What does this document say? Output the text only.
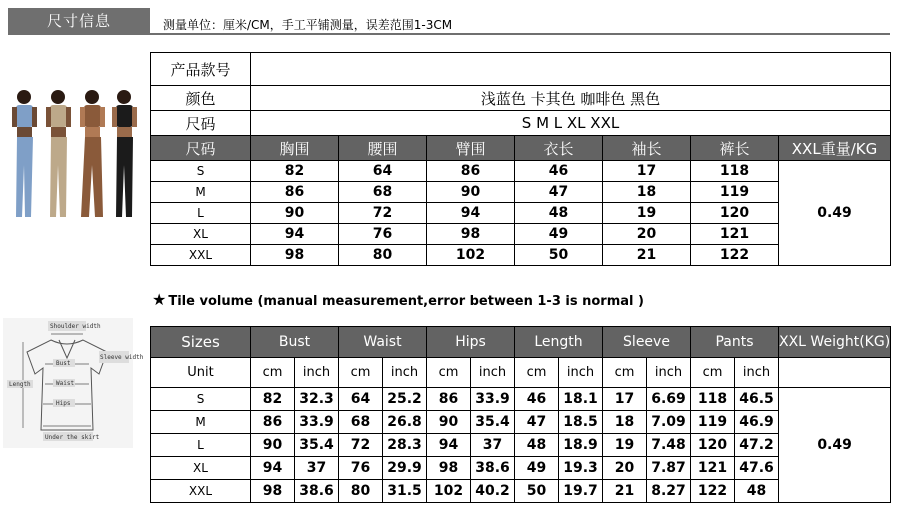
尺寸信息	测量单位：厘米/CM，手工平铺测量，误差范围1-3CM
产品款号							
颜色	浅蓝色 卡其色 咖啡色 黑色						
尺码	S M L XL XXL						
尺码	胸围	腰围	臂围	衣长	袖长	裤长	XXL重量/KG
S	82	64	86	46	17	118	0.49
M	86	68	90	47	18	119	
L	90	72	94	48	19	120	
XL	94	76	98	49	20	121	
XXL	98	80	102	50	21	122	
★ Tile volume (manual measurement,error between 1-3 is normal )
Shoulder width
Sleeve width
Length
Bust
Waist
Hips
Under the skirt
Sizes	Bust		Waist		Hips		Length		Sleeve		Pants		XXL Weight(KG)
Unit	cm	inch	cm	inch	cm	inch	cm	inch	cm	inch	cm	inch	
S	82	32.3	64	25.2	86	33.9	46	18.1	17	6.69	118	46.5	0.49
M	86	33.9	68	26.8	90	35.4	47	18.5	18	7.09	119	46.9	
L	90	35.4	72	28.3	94	37	48	18.9	19	7.48	120	47.2	
XL	94	37	76	29.9	98	38.6	49	19.3	20	7.87	121	47.6	
XXL	98	38.6	80	31.5	102	40.2	50	19.7	21	8.27	122	48	
